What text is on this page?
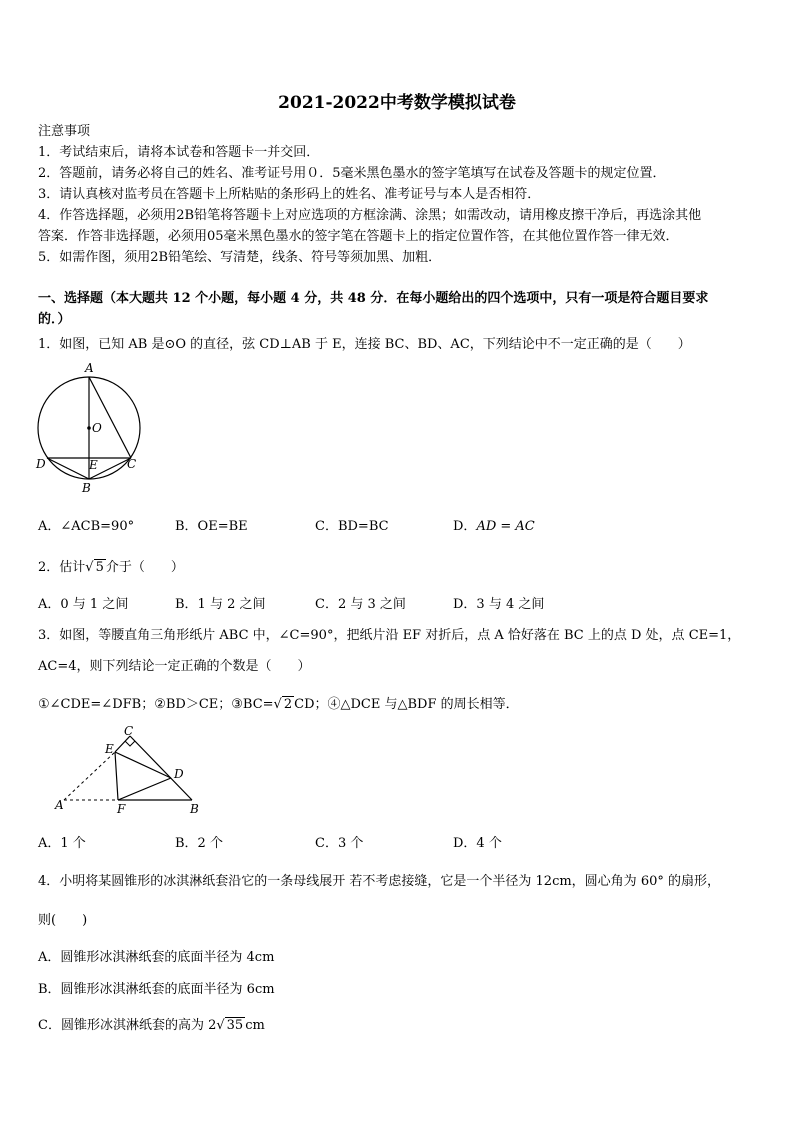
2021-2022中考数学模拟试卷
注意事项
1．考试结束后，请将本试卷和答题卡一并交回．
2．答题前，请务必将自己的姓名、准考证号用０．5毫米黑色墨水的签字笔填写在试卷及答题卡的规定位置．
3．请认真核对监考员在答题卡上所粘贴的条形码上的姓名、准考证号与本人是否相符．
4．作答选择题，必须用2B铅笔将答题卡上对应选项的方框涂满、涂黑；如需改动，请用橡皮擦干净后，再选涂其他
答案．作答非选择题，必须用05毫米黑色墨水的签字笔在答题卡上的指定位置作答，在其他位置作答一律无效．
5．如需作图，须用2B铅笔绘、写清楚，线条、符号等须加黑、加粗．
一、选择题（本大题共 12 个小题，每小题 4 分，共 48 分．在每小题给出的四个选项中，只有一项是符合题目要求
的．）
1．如图，已知 AB 是⊙O 的直径，弦 CD⊥AB 于 E，连接 BC、BD、AC，下列结论中不一定正确的是（　　）
A
O
D	E C
B
A．∠ACB=90°	B．OE=BE	C．BD=BC	D．AD = AC
2．估计√ 5 介于（　　）
A．0 与 1 之间	B．1 与 2 之间	C．2 与 3 之间	D．3 与 4 之间
3．如图，等腰直角三角形纸片 ABC 中，∠C=90°，把纸片沿 EF 对折后，点 A 恰好落在 BC 上的点 D 处，点 CE=1，
AC=4，则下列结论一定正确的个数是（　　）
①∠CDE=∠DFB；②BD＞CE；③BC=√ 2 CD；④△DCE 与△BDF 的周长相等．
C
E
D
A	F	B
A．1 个	B．2 个	C．3 个	D．4 个
4．小明将某圆锥形的冰淇淋纸套沿它的一条母线展开 若不考虑接缝，它是一个半径为 12cm，圆心角为 60° 的扇形，
则(　　)
A．圆锥形冰淇淋纸套的底面半径为 4cm
B．圆锥形冰淇淋纸套的底面半径为 6cm
C．圆锥形冰淇淋纸套的高为 2√ 35 cm
